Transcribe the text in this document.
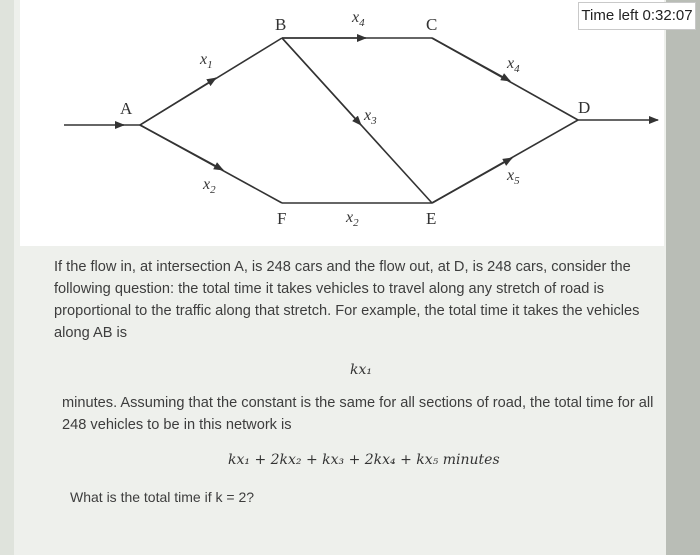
A
B	C
D
E
F
$x_1$
$x_2$
$x_4$
$x_3$
$x_4$
$x_2$
$x_5$
Time left 0:32:07

If the flow in, at intersection A, is 248 cars and the flow out, at D, is 248 cars, consider the following question: the total time it takes vehicles to travel along any stretch of road is proportional to the traffic along that stretch. For example, the total time it takes the vehicles along AB is

kx₁

minutes. Assuming that the constant is the same for all sections of road, the total time for all 248 vehicles to be in this network is

kx₁ + 2kx₂ + kx₃ + 2kx₄ + kx₅ minutes

What is the total time if k = 2?
